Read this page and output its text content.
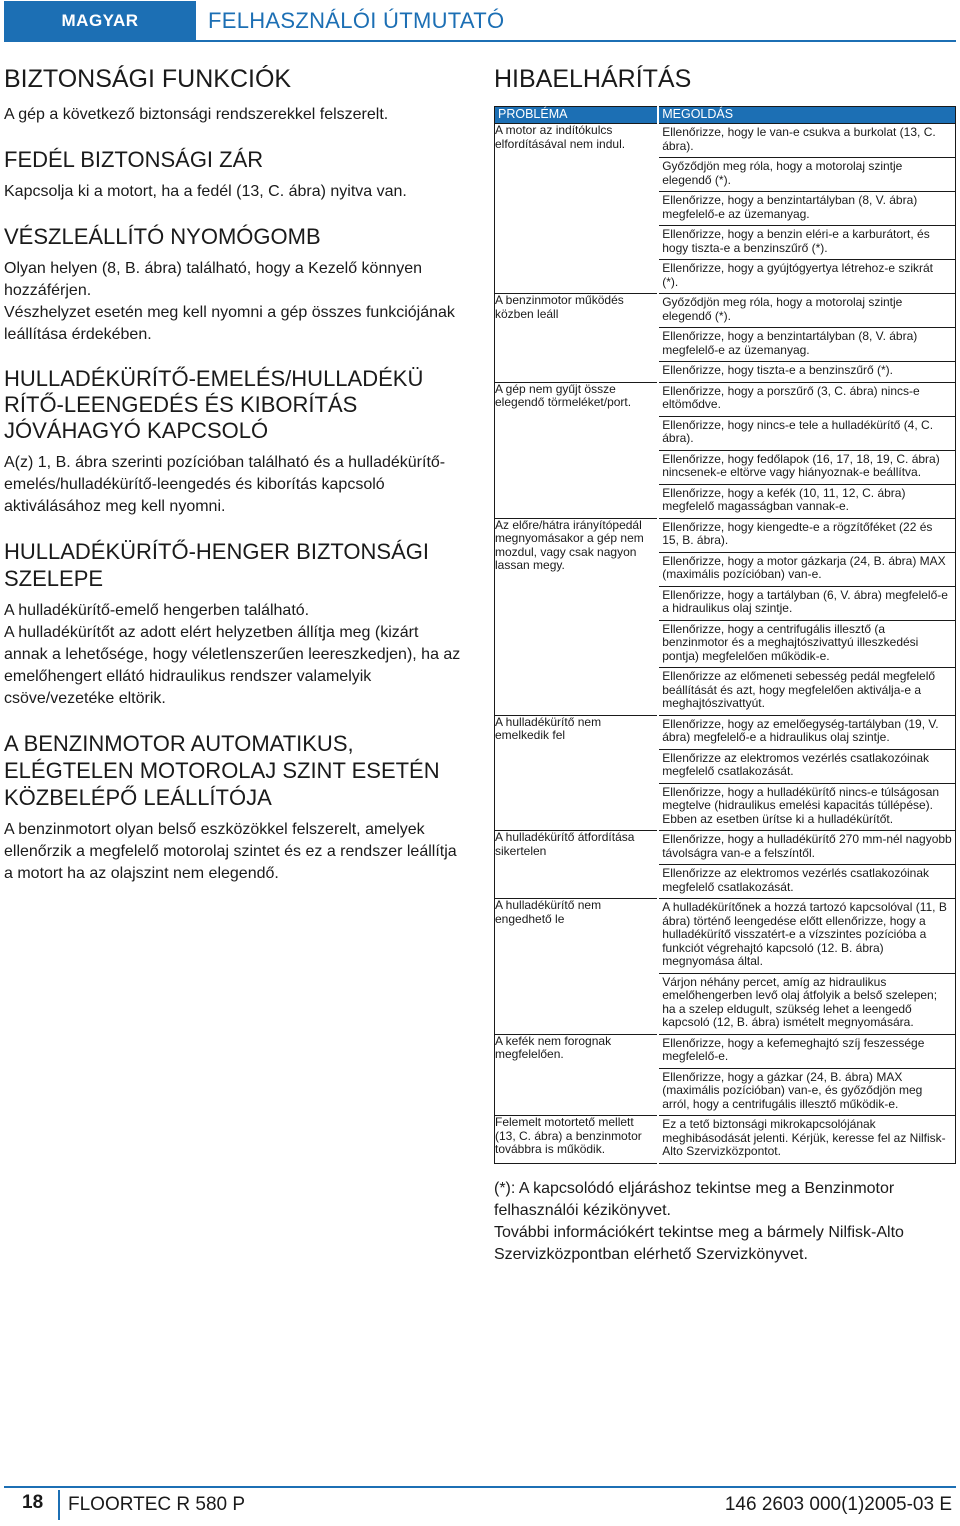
MAGYAR	FELHASZNÁLÓI ÚTMUTATÓ
BIZTONSÁGI FUNKCIÓK
A gép a következő biztonsági rendszerekkel felszerelt.
FEDÉL BIZTONSÁGI ZÁR
Kapcsolja ki a motort, ha a fedél (13, C. ábra) nyitva van.
VÉSZLEÁLLÍTÓ NYOMÓGOMB
Olyan helyen (8, B. ábra) található, hogy a Kezelő könnyen hozzáférjen.
Vészhelyzet esetén meg kell nyomni a gép összes funkciójának leállítása érdekében.
HULLADÉKÜRÍTŐ-EMELÉS/HULLADÉKÜ RÍTŐ-LEENGEDÉS ÉS KIBORÍTÁS JÓVÁHAGYÓ KAPCSOLÓ
A(z) 1, B. ábra szerinti pozícióban található és a hulladékürítő-emelés/hulladékürítő-leengedés és kiborítás kapcsoló aktiválásához meg kell nyomni.
HULLADÉKÜRÍTŐ-HENGER BIZTONSÁGI SZELEPE
A hulladékürítő-emelő hengerben található.
A hulladékürítőt az adott elért helyzetben állítja meg (kizárt annak a lehetősége, hogy véletlenszerűen leereszkedjen), ha az emelőhengert ellátó hidraulikus rendszer valamelyik csöve/vezetéke eltörik.
A BENZINMOTOR AUTOMATIKUS, ELÉGTELEN MOTOROLAJ SZINT ESETÉN KÖZBELÉPŐ LEÁLLÍTÓJA
A benzinmotort olyan belső eszközökkel felszerelt, amelyek ellenőrzik a megfelelő motorolaj szintet és ez a rendszer leállítja a motort ha az olajszint nem elegendő.
HIBAELHÁRÍTÁS
PROBLÉMA	MEGOLDÁS

A motor az indítókulcs elfordításával nem indul.	Ellenőrizze, hogy le van-e csukva a burkolat (13, C. ábra).
Győződjön meg róla, hogy a motorolaj szintje elegendő (*).
Ellenőrizze, hogy a benzintartályban (8, V. ábra) megfelelő-e az üzemanyag.
Ellenőrizze, hogy a benzin eléri-e a karburátort, és hogy tiszta-e a benzinszűrő (*).
Ellenőrizze, hogy a gyújtógyertya létrehoz-e szikrát (*).

A benzinmotor működés közben leáll	Győződjön meg róla, hogy a motorolaj szintje elegendő (*).
Ellenőrizze, hogy a benzintartályban (8, V. ábra) megfelelő-e az üzemanyag.
Ellenőrizze, hogy tiszta-e a benzinszűrő (*).

A gép nem gyűjt össze elegendő törmeléket/port.	Ellenőrizze, hogy a porszűrő (3, C. ábra) nincs-e eltömődve.
Ellenőrizze, hogy nincs-e tele a hulladékürítő (4, C. ábra).
Ellenőrizze, hogy fedőlapok (16, 17, 18, 19, C. ábra) nincsenek-e eltörve vagy hiányoznak-e beállítva.
Ellenőrizze, hogy a kefék (10, 11, 12, C. ábra) megfelelő magasságban vannak-e.

Az előre/hátra irányítópedál megnyomásakor a gép nem mozdul, vagy csak nagyon lassan megy.	Ellenőrizze, hogy kiengedte-e a rögzítőféket (22 és 15, B. ábra).
Ellenőrizze, hogy a motor gázkarja (24, B. ábra) MAX (maximális pozícióban) van-e.
Ellenőrizze, hogy a tartályban (6, V. ábra) megfelelő-e a hidraulikus olaj szintje.
Ellenőrizze, hogy a centrifugális illesztő (a benzinmotor és a meghajtószivattyú illeszkedési pontja) megfelelően működik-e.
Ellenőrizze az előmeneti sebesség pedál megfelelő beállítását és azt, hogy megfelelően aktiválja-e a meghajtószivattyút.

A hulladékürítő nem emelkedik fel	Ellenőrizze, hogy az emelőegység-tartályban (19, V. ábra) megfelelő-e a hidraulikus olaj szintje.
Ellenőrizze az elektromos vezérlés csatlakozóinak megfelelő csatlakozását.
Ellenőrizze, hogy a hulladékürítő nincs-e túlságosan megtelve (hidraulikus emelési kapacitás túllépése). Ebben az esetben ürítse ki a hulladékürítőt.

A hulladékürítő átfordítása sikertelen	Ellenőrizze, hogy a hulladékürítő 270 mm-nél nagyobb távolságra van-e a felszíntől.
Ellenőrizze az elektromos vezérlés csatlakozóinak megfelelő csatlakozását.

A hulladékürítő nem engedhető le	A hulladékürítőnek a hozzá tartozó kapcsolóval (11, B ábra) történő leengedése előtt ellenőrizze, hogy a hulladékürítő visszatért-e a vízszintes pozícióba a funkciót végrehajtó kapcsoló (12. B. ábra) megnyomása által.
Várjon néhány percet, amíg az hidraulikus emelőhengerben levő olaj átfolyik a belső szelepen; ha a szelep eldugult, szükség lehet a leengedő kapcsoló (12, B. ábra) ismételt megnyomására.

A kefék nem forognak megfelelően.	Ellenőrizze, hogy a kefemeghajtó szíj feszessége megfelelő-e.
Ellenőrizze, hogy a gázkar (24, B. ábra) MAX (maximális pozícióban) van-e, és győződjön meg arról, hogy a centrifugális illesztő működik-e.

Felemelt motortető mellett (13, C. ábra) a benzinmotor továbbra is működik.	Ez a tető biztonsági mikrokapcsolójának meghibásodását jelenti. Kérjük, keresse fel az Nilfisk-Alto Szervizközpontot.
(*): A kapcsolódó eljáráshoz tekintse meg a Benzinmotor felhasználói kézikönyvet.
További információkért tekintse meg a bármely Nilfisk-Alto Szervizközpontban elérhető Szervizkönyvet.
18 FLOORTEC R 580 P	146 2603 000(1)2005-03 E
